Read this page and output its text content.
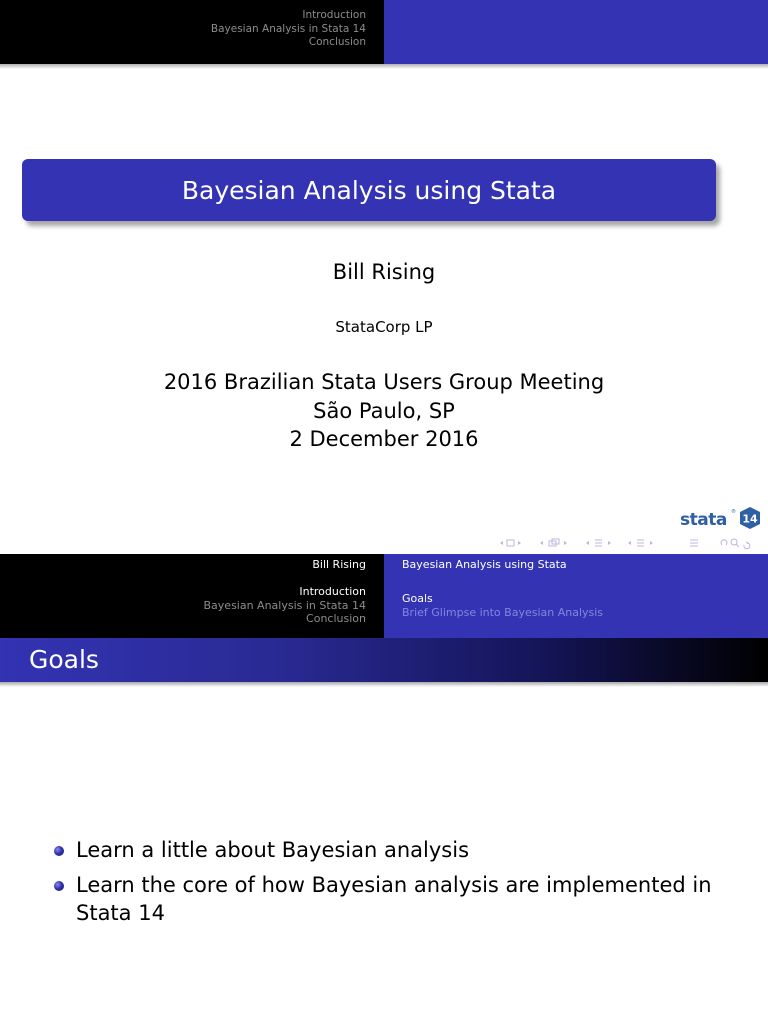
Introduction
Bayesian Analysis in Stata 14
Conclusion
Bayesian Analysis using Stata
Bill Rising
StataCorp LP
2016 Brazilian Stata Users Group Meeting
São Paulo, SP
2 December 2016
stata ®
14
Bill Rising	Bayesian Analysis using Stata
Introduction
Bayesian Analysis in Stata 14
Conclusion
Goals
Brief Glimpse into Bayesian Analysis
Goals
Learn a little about Bayesian analysis
Learn the core of how Bayesian analysis are implemented in Stata 14
